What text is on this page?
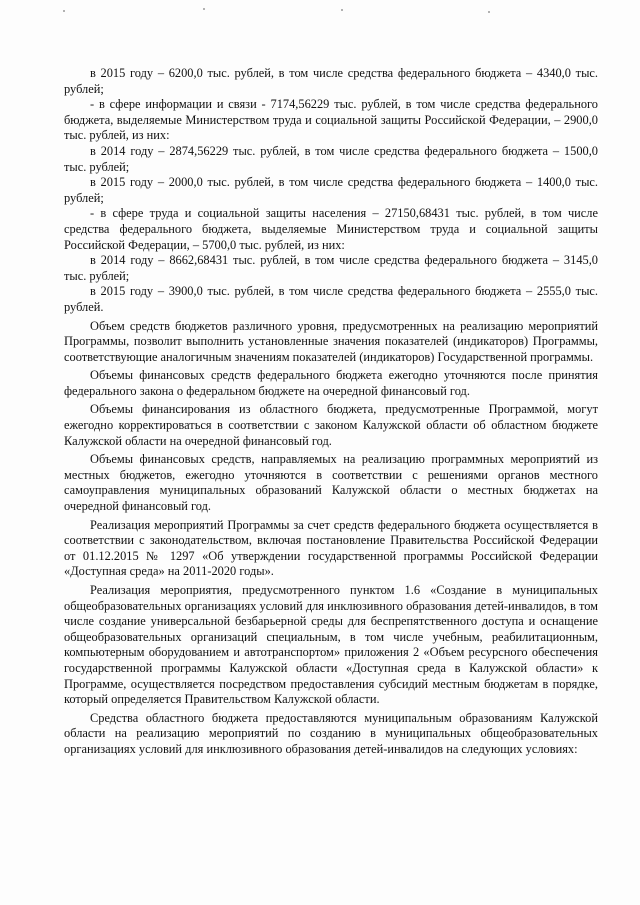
в 2015 году – 6200,0 тыс. рублей, в том числе средства федерального бюджета – 4340,0 тыс. рублей;

- в сфере информации и связи - 7174,56229 тыс. рублей, в том числе средства федерального бюджета, выделяемые Министерством труда и социальной защиты Российской Федерации, – 2900,0 тыс. рублей, из них:

в 2014 году – 2874,56229 тыс. рублей, в том числе средства федерального бюджета – 1500,0 тыс. рублей;

в 2015 году – 2000,0 тыс. рублей, в том числе средства федерального бюджета – 1400,0 тыс. рублей;

- в сфере труда и социальной защиты населения – 27150,68431 тыс. рублей, в том числе средства федерального бюджета, выделяемые Министерством труда и социальной защиты Российской Федерации, – 5700,0 тыс. рублей, из них:

в 2014 году – 8662,68431 тыс. рублей, в том числе средства федерального бюджета – 3145,0 тыс. рублей;

в 2015 году – 3900,0 тыс. рублей, в том числе средства федерального бюджета – 2555,0 тыс. рублей.

Объем средств бюджетов различного уровня, предусмотренных на реализацию мероприятий Программы, позволит выполнить установленные значения показателей (индикаторов) Программы, соответствующие аналогичным значениям показателей (индикаторов) Государственной программы.

Объемы финансовых средств федерального бюджета ежегодно уточняются после принятия федерального закона о федеральном бюджете на очередной финансовый год.

Объемы финансирования из областного бюджета, предусмотренные Программой, могут ежегодно корректироваться в соответствии с законом Калужской области об областном бюджете Калужской области на очередной финансовый год.

Объемы финансовых средств, направляемых на реализацию программных мероприятий из местных бюджетов, ежегодно уточняются в соответствии с решениями органов местного самоуправления муниципальных образований Калужской области о местных бюджетах на очередной финансовый год.

Реализация мероприятий Программы за счет средств федерального бюджета осуществляется в соответствии с законодательством, включая постановление Правительства Российской Федерации от 01.12.2015 № 1297 «Об утверждении государственной программы Российской Федерации «Доступная среда» на 2011-2020 годы».

Реализация мероприятия, предусмотренного пунктом 1.6 «Создание в муниципальных общеобразовательных организациях условий для инклюзивного образования детей-инвалидов, в том числе создание универсальной безбарьерной среды для беспрепятственного доступа и оснащение общеобразовательных организаций специальным, в том числе учебным, реабилитационным, компьютерным оборудованием и автотранспортом» приложения 2 «Объем ресурсного обеспечения государственной программы Калужской области «Доступная среда в Калужской области» к Программе, осуществляется посредством предоставления субсидий местным бюджетам в порядке, который определяется Правительством Калужской области.

Средства областного бюджета предоставляются муниципальным образованиям Калужской области на реализацию мероприятий по созданию в муниципальных общеобразовательных организациях условий для инклюзивного образования детей-инвалидов на следующих условиях:
